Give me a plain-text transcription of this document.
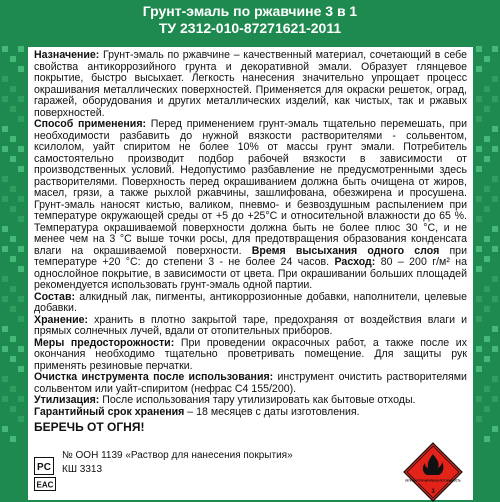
Грунт-эмаль по ржавчине 3 в 1
ТУ 2312-010-87271621-2011

Назначение: Грунт-эмаль по ржавчине – качественный материал, сочетающий в себе свойства антикоррозийного грунта и декоративной эмали. Образует глянцевое покрытие, быстро высыхает. Легкость нанесения значительно упрощает процесс окрашивания металлических поверхностей. Применяется для окраски решеток, оград, гаражей, оборудования и других металлических изделий, как чистых, так и ржавых поверхностей.

Способ применения: Перед применением грунт-эмаль тщательно перемешать, при необходимости разбавить до нужной вязкости растворителями - сольвентом, ксилолом, уайт спиритом не более 10% от массы грунт эмали. Потребитель самостоятельно производит подбор рабочей вязкости в зависимости от производственных условий. Недопустимо разбавление не предусмотренными здесь растворителями. Поверхность перед окрашиванием должна быть очищена от жиров, масел, грязи, а также рыхлой ржавчины, зашлифована, обезжирена и просушена. Грунт-эмаль наносят кистью, валиком, пневмо- и безвоздушным распылением при температуре окружающей среды от +5 до +25°С и относительной влажности до 65 %. Температура окрашиваемой поверхности должна быть не более плюс 30 °С, и не менее чем на 3 °С выше точки росы, для предотвращения образования конденсата влаги на окрашиваемой поверхности. Время высыхания одного слоя при температуре +20 °С: до степени 3 - не более 24 часов. Расход: 80 – 200 г/м² на однослойное покрытие, в зависимости от цвета. При окрашивании больших площадей рекомендуется использовать грунт-эмаль одной партии.

Состав: алкидный лак, пигменты, антикоррозионные добавки, наполнители, целевые добавки.

Хранение: хранить в плотно закрытой таре, предохраняя от воздействия влаги и прямых солнечных лучей, вдали от отопительных приборов.

Меры предосторожности: При проведении окрасочных работ, а также после их окончания необходимо тщательно проветривать помещение. Для защиты рук применять резиновые перчатки.

Очистка инструмента после использования: инструмент очистить растворителями сольвентом или уайт-спиритом (нефрас С4 155/200).

Утилизация: После использования тару утилизировать как бытовые отходы.

Гарантийный срок хранения – 18 месяцев с даты изготовления.

БЕРЕЧЬ ОТ ОГНЯ!

PC
EAC
№ ООН 1139 «Раствор для нанесения покрытия»
КШ 3313
ЛЕГКОВОСПЛАМЕНЯЮЩАЯСЯ ЖИДКОСТЬ
3
